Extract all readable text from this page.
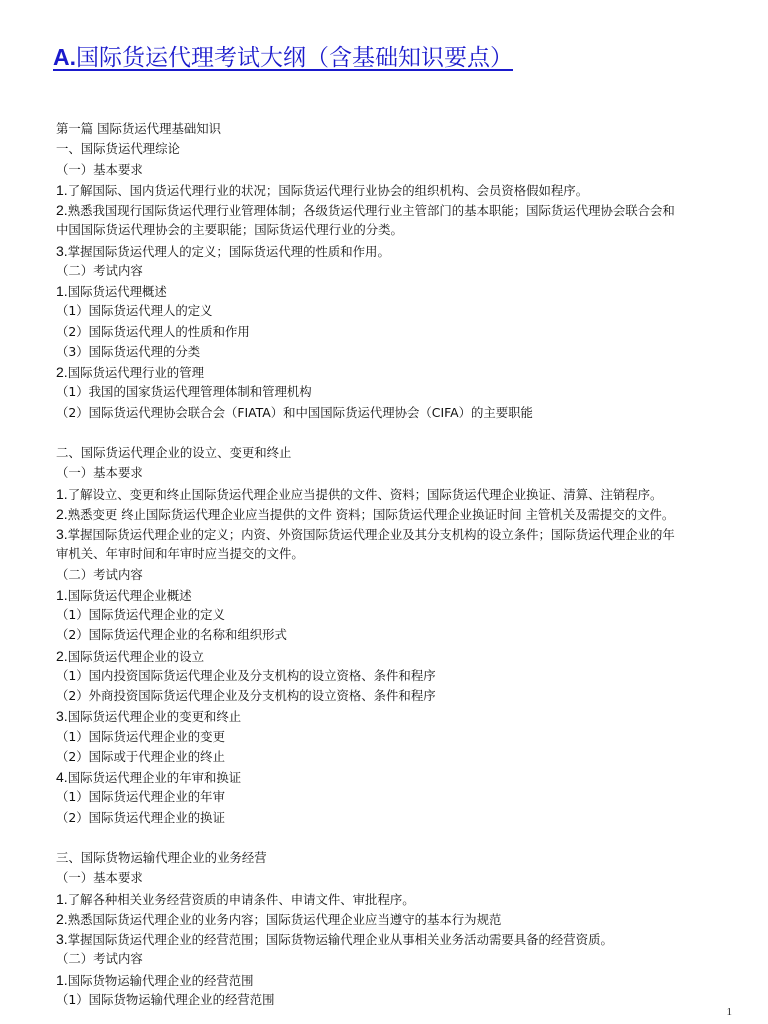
A.国际货运代理考试大纲（含基础知识要点）
第一篇 国际货运代理基础知识
一、国际货运代理综论
（一）基本要求
1.了解国际、国内货运代理行业的状况；国际货运代理行业协会的组织机构、会员资格假如程序。
2.熟悉我国现行国际货运代理行业管理体制；各级货运代理行业主管部门的基本职能；国际货运代理协会联合会和
中国国际货运代理协会的主要职能；国际货运代理行业的分类。
3.掌握国际货运代理人的定义；国际货运代理的性质和作用。
（二）考试内容
1.国际货运代理概述
（1）国际货运代理人的定义
（2）国际货运代理人的性质和作用
（3）国际货运代理的分类
2.国际货运代理行业的管理
（1）我国的国家货运代理管理体制和管理机构
（2）国际货运代理协会联合会（FIATA）和中国国际货运代理协会（CIFA）的主要职能
二、国际货运代理企业的设立、变更和终止
（一）基本要求
1.了解设立、变更和终止国际货运代理企业应当提供的文件、资料；国际货运代理企业换证、清算、注销程序。
2.熟悉变更 终止国际货运代理企业应当提供的文件 资料；国际货运代理企业换证时间 主管机关及需提交的文件。
3.掌握国际货运代理企业的定义；内资、外资国际货运代理企业及其分支机构的设立条件；国际货运代理企业的年
审机关、年审时间和年审时应当提交的文件。
（二）考试内容
1.国际货运代理企业概述
（1）国际货运代理企业的定义
（2）国际货运代理企业的名称和组织形式
2.国际货运代理企业的设立
（1）国内投资国际货运代理企业及分支机构的设立资格、条件和程序
（2）外商投资国际货运代理企业及分支机构的设立资格、条件和程序
3.国际货运代理企业的变更和终止
（1）国际货运代理企业的变更
（2）国际或于代理企业的终止
4.国际货运代理企业的年审和换证
（1）国际货运代理企业的年审
（2）国际货运代理企业的换证
三、国际货物运输代理企业的业务经营
（一）基本要求
1.了解各种相关业务经营资质的申请条件、申请文件、审批程序。
2.熟悉国际货运代理企业的业务内容；国际货运代理企业应当遵守的基本行为规范
3.掌握国际货运代理企业的经营范围；国际货物运输代理企业从事相关业务活动需要具备的经营资质。
（二）考试内容
1.国际货物运输代理企业的经营范围
（1）国际货物运输代理企业的经营范围
1
